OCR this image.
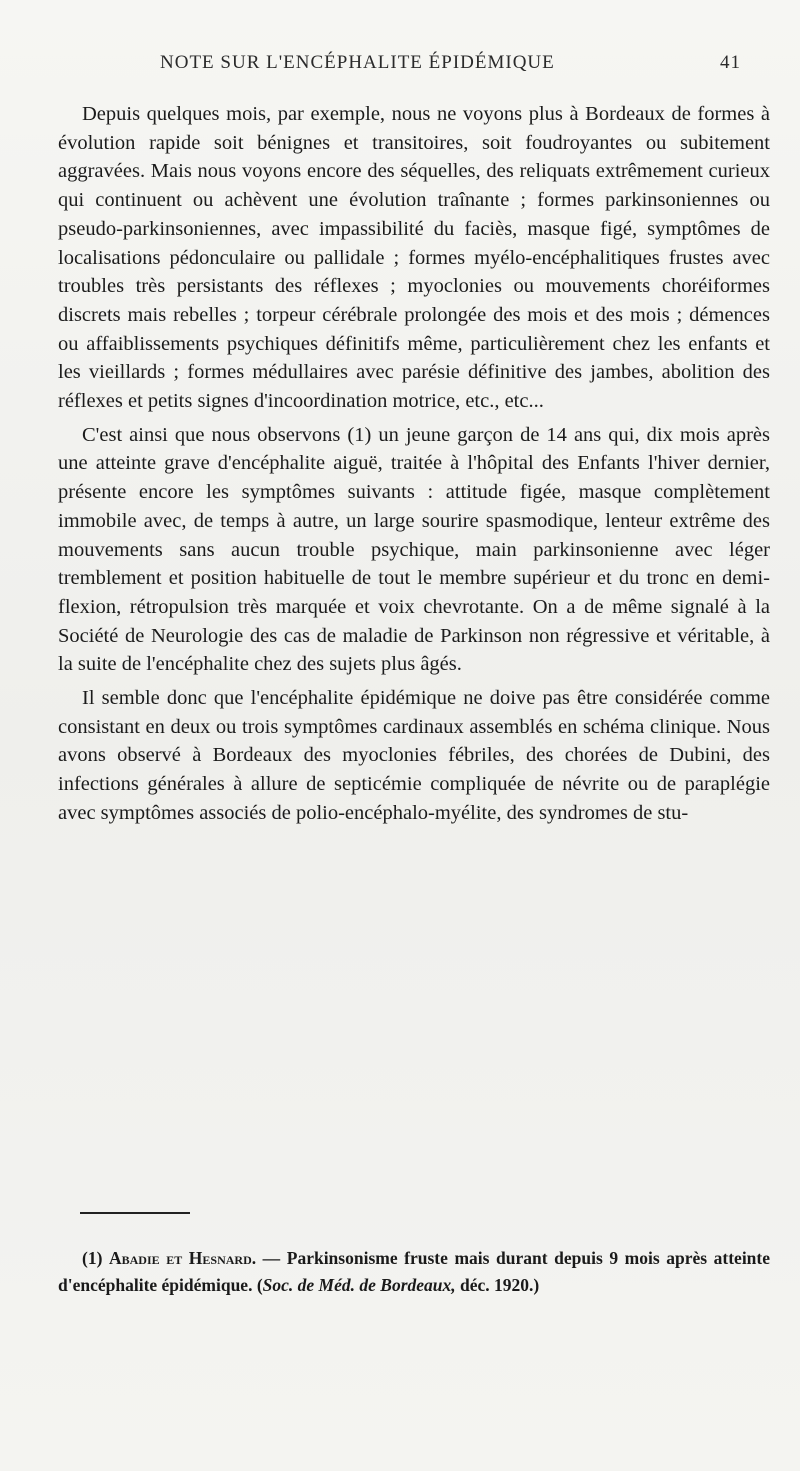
NOTE SUR L'ENCÉPHALITE ÉPIDÉMIQUE	41

Depuis quelques mois, par exemple, nous ne voyons plus à Bordeaux de formes à évolution rapide soit bénignes et transitoires, soit foudroyantes ou subitement aggravées. Mais nous voyons encore des séquelles, des reliquats extrêmement curieux qui continuent ou achèvent une évolution traînante ; formes parkinsoniennes ou pseudo-parkinsoniennes, avec impassibilité du faciès, masque figé, symptômes de localisations pédonculaire ou pallidale ; formes myélo-encéphalitiques frustes avec troubles très persistants des réflexes ; myoclonies ou mouvements choréiformes discrets mais rebelles ; torpeur cérébrale prolongée des mois et des mois ; démences ou affaiblissements psychiques définitifs même, particulièrement chez les enfants et les vieillards ; formes médullaires avec parésie définitive des jambes, abolition des réflexes et petits signes d'incoordination motrice, etc., etc...

C'est ainsi que nous observons (1) un jeune garçon de 14 ans qui, dix mois après une atteinte grave d'encéphalite aiguë, traitée à l'hôpital des Enfants l'hiver dernier, présente encore les symptômes suivants : attitude figée, masque complètement immobile avec, de temps à autre, un large sourire spasmodique, lenteur extrême des mouvements sans aucun trouble psychique, main parkinsonienne avec léger tremblement et position habituelle de tout le membre supérieur et du tronc en demi-flexion, rétropulsion très marquée et voix chevrotante. On a de même signalé à la Société de Neurologie des cas de maladie de Parkinson non régressive et véritable, à la suite de l'encéphalite chez des sujets plus âgés.

Il semble donc que l'encéphalite épidémique ne doive pas être considérée comme consistant en deux ou trois symptômes cardinaux assemblés en schéma clinique. Nous avons observé à Bordeaux des myoclonies fébriles, des chorées de Dubini, des infections générales à allure de septicémie compliquée de névrite ou de paraplégie avec symptômes associés de polio-encéphalo-myélite, des syndromes de stu-

(1) Abadie et Hesnard. — Parkinsonisme fruste mais durant depuis 9 mois après atteinte d'encéphalite épidémique. (Soc. de Méd. de Bordeaux, déc. 1920.)
